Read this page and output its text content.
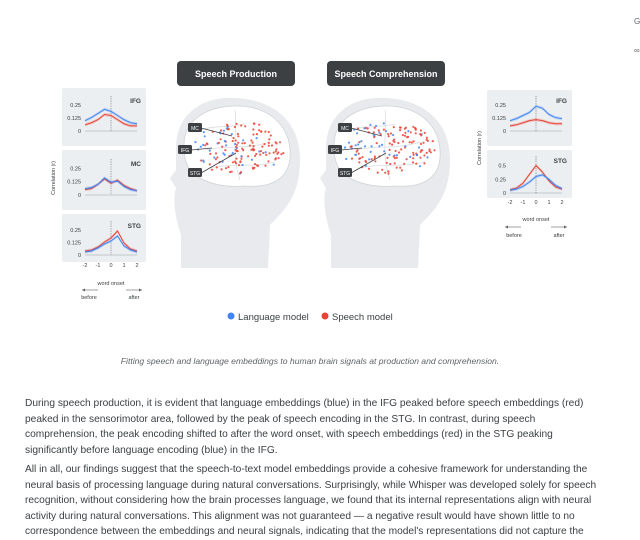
Speech Production	Speech Comprehension
MC
IFG
STG
MC
IFG
STG
Correlation (r)
0.25
0.125
0
IFG
0.25
0.125
0
MC
0.25
0.125
0
STG
-2 -1 0 1 2
word onset
before	after
Correlation (r)
0.25
0.125
0
IFG
0.5
0.25
0
STG
-2 -1 0 1 2
word onset
before	after
Language model Speech model
Fitting speech and language embeddings to human brain signals at production and comprehension.

During speech production, it is evident that language embeddings (blue) in the IFG peaked before speech embeddings (red) peaked in the sensorimotor area, followed by the peak of speech encoding in the STG. In contrast, during speech comprehension, the peak encoding shifted to after the word onset, with speech embeddings (red) in the STG peaking significantly before language encoding (blue) in the IFG.

All in all, our findings suggest that the speech-to-text model embeddings provide a cohesive framework for understanding the neural basis of processing language during natural conversations. Surprisingly, while Whisper was developed solely for speech recognition, without considering how the brain processes language, we found that its internal representations align with neural activity during natural conversations. This alignment was not guaranteed — a negative result would have shown little to no correspondence between the embeddings and neural signals, indicating that the model's representations did not capture the

G
∞
